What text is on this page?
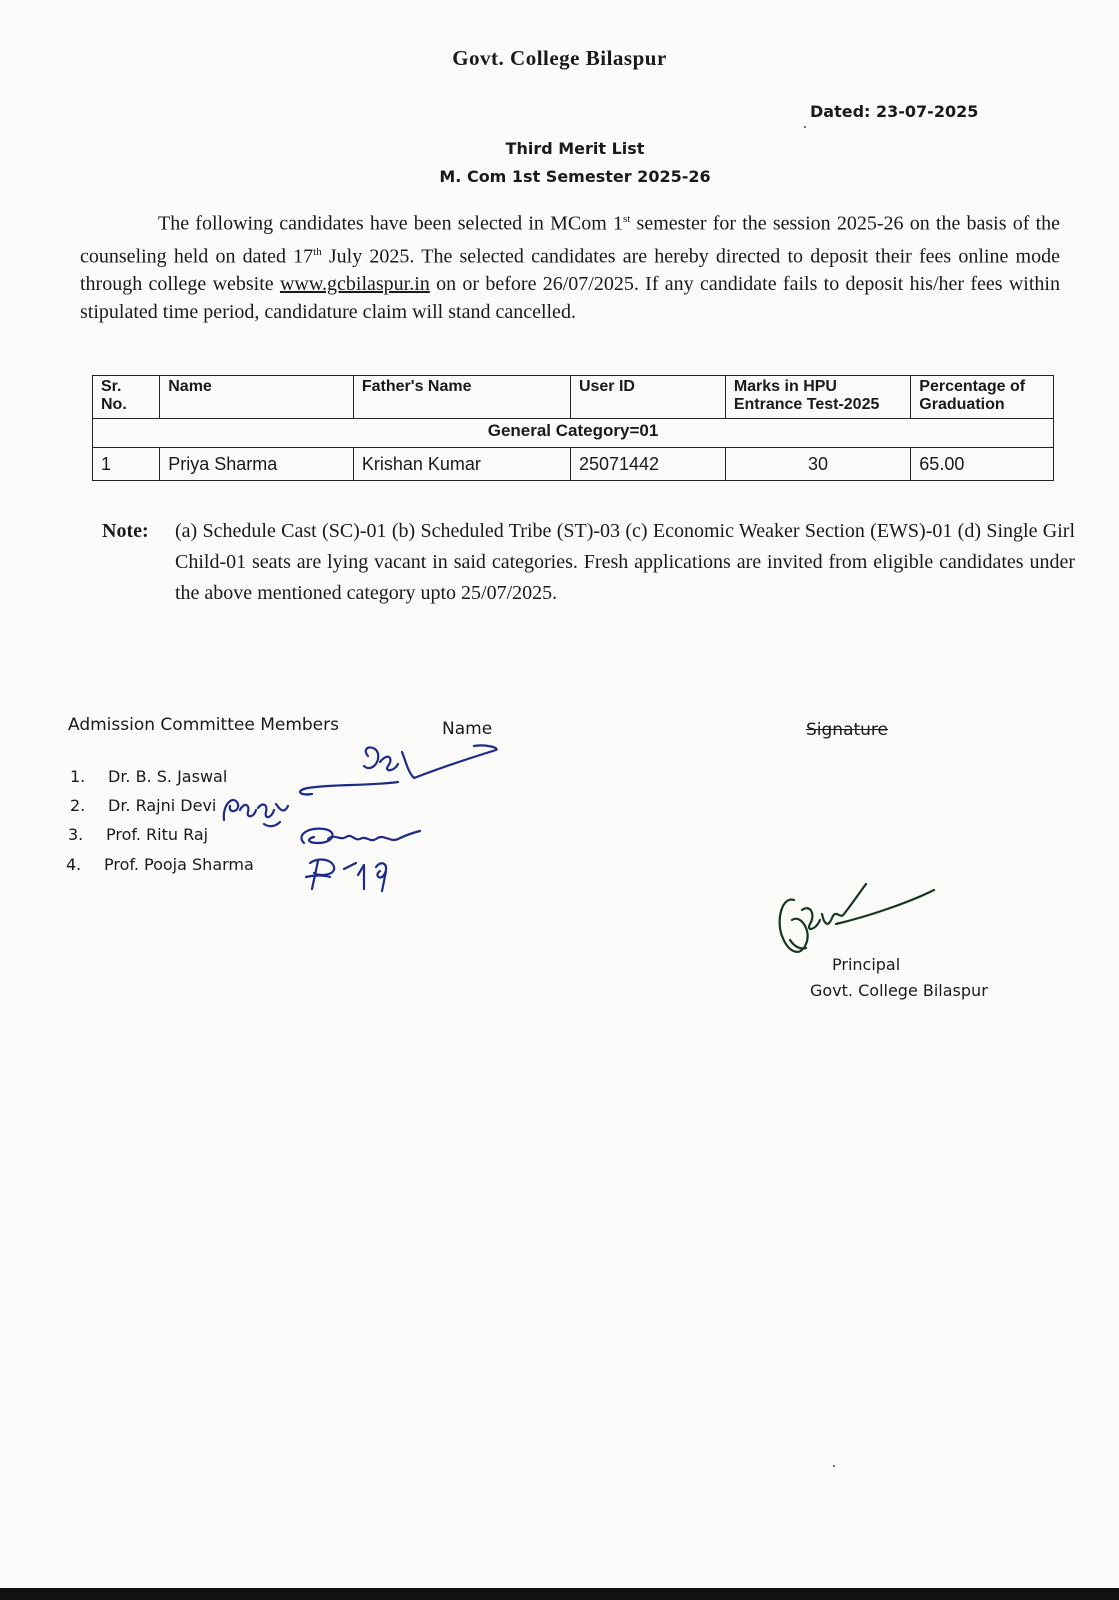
Govt. College Bilaspur
Dated: 23-07-2025
Third Merit List
M. Com 1st Semester 2025-26
The following candidates have been selected in MCom 1st semester for the session 2025-26 on the basis of the counseling held on dated 17th July 2025. The selected candidates are hereby directed to deposit their fees online mode through college website www.gcbilaspur.in on or before 26/07/2025. If any candidate fails to deposit his/her fees within stipulated time period, candidature claim will stand cancelled.
Sr. No.	Name	Father's Name	User ID	Marks in HPU Entrance Test-2025	Percentage of Graduation
General Category=01					
1	Priya Sharma	Krishan Kumar	25071442	30	65.00
Note: (a) Schedule Cast (SC)-01 (b) Scheduled Tribe (ST)-03 (c) Economic Weaker Section (EWS)-01 (d) Single Girl Child-01 seats are lying vacant in said categories. Fresh applications are invited from eligible candidates under the above mentioned category upto 25/07/2025.
Admission Committee Members	Name	Signature
1. Dr. B. S. Jaswal
2. Dr. Rajni Devi
3. Prof. Ritu Raj
4. Prof. Pooja Sharma
Principal
Govt. College Bilaspur
